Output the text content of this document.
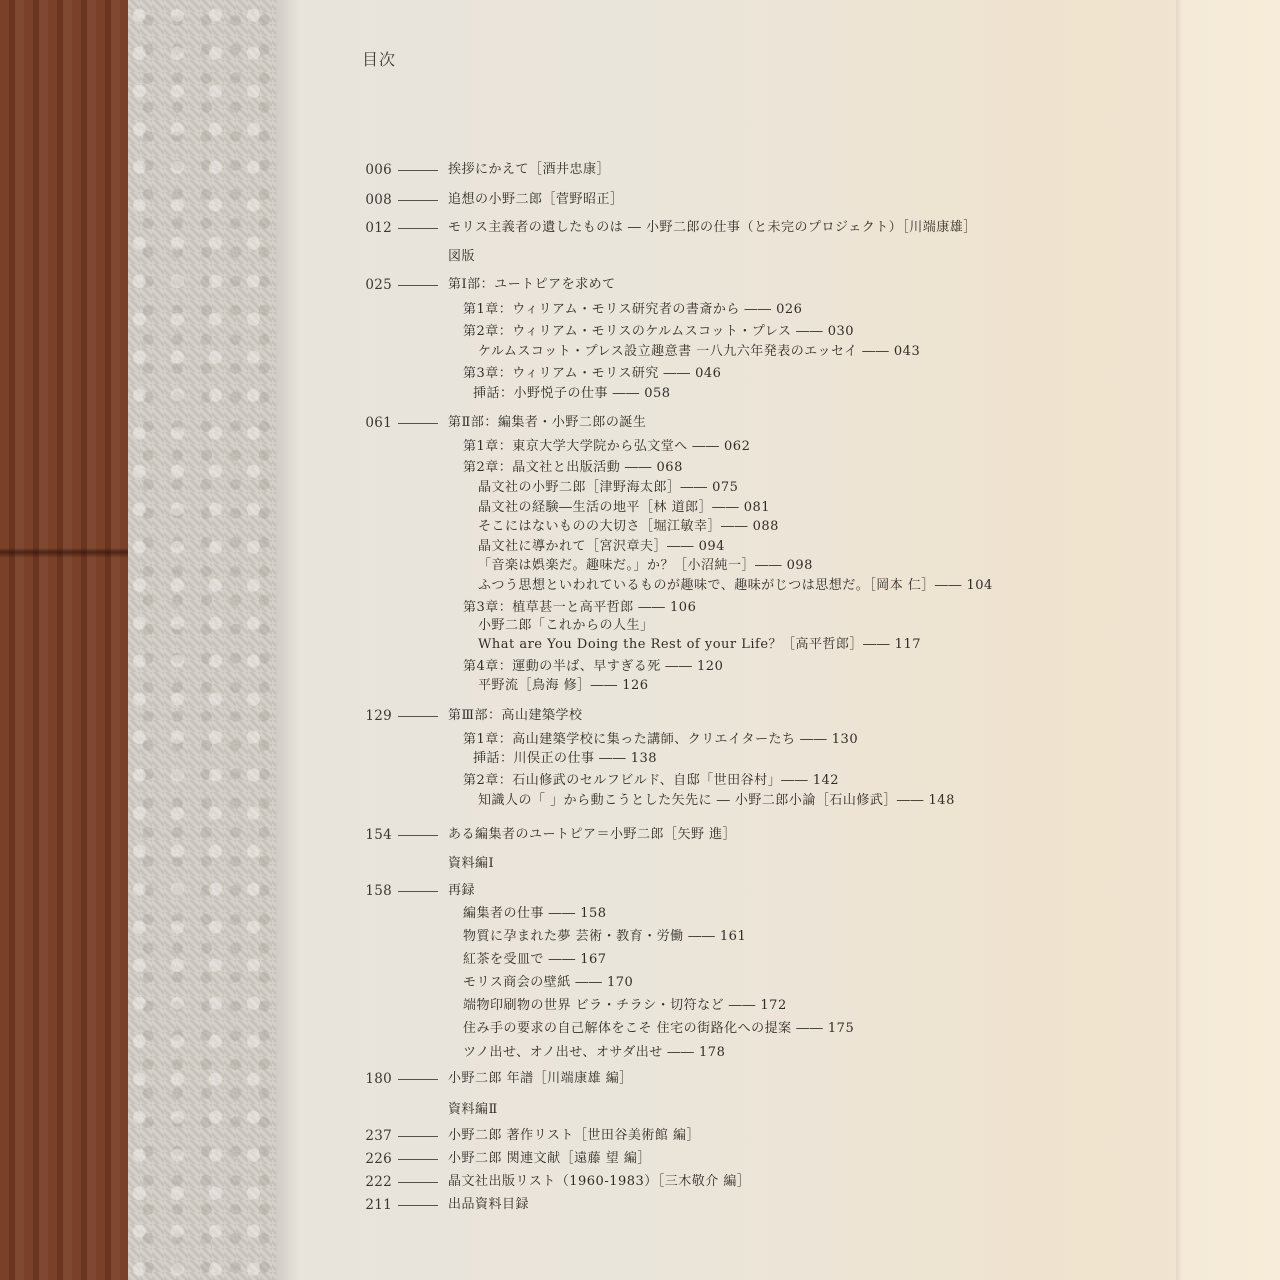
目次
006	挨拶にかえて［酒井忠康］
008	追想の小野二郎［菅野昭正］
012	モリス主義者の遺したものは ― 小野二郎の仕事（と未完のプロジェクト）［川端康雄］
図版
025	第Ⅰ部：ユートピアを求めて
第1章：ウィリアム・モリス研究者の書斎から ―― 026
第2章：ウィリアム・モリスのケルムスコット・プレス ―― 030
ケルムスコット・プレス設立趣意書 一八九六年発表のエッセイ ―― 043
第3章：ウィリアム・モリス研究 ―― 046
挿話：小野悦子の仕事 ―― 058
061	第Ⅱ部：編集者・小野二郎の誕生
第1章：東京大学大学院から弘文堂へ ―― 062
第2章：晶文社と出版活動 ―― 068
晶文社の小野二郎［津野海太郎］―― 075
晶文社の経験―生活の地平［林 道郎］―― 081
そこにはないものの大切さ［堀江敏幸］―― 088
晶文社に導かれて［宮沢章夫］―― 094
「音楽は娯楽だ。趣味だ。」か？［小沼純一］―― 098
ふつう思想といわれているものが趣味で、趣味がじつは思想だ。［岡本 仁］―― 104
第3章：植草甚一と高平哲郎 ―― 106
小野二郎「これからの人生」
What are You Doing the Rest of your Life？［高平哲郎］―― 117
第4章：運動の半ば、早すぎる死 ―― 120
平野流［鳥海 修］―― 126
129	第Ⅲ部：高山建築学校
第1章：高山建築学校に集った講師、クリエイターたち ―― 130
挿話：川俣正の仕事 ―― 138
第2章：石山修武のセルフビルド、自邸「世田谷村」―― 142
知識人の「 」から動こうとした矢先に ― 小野二郎小論［石山修武］―― 148
154	ある編集者のユートピア＝小野二郎［矢野 進］
資料編Ⅰ
158	再録
編集者の仕事 ―― 158
物質に孕まれた夢 芸術・教育・労働 ―― 161
紅茶を受皿で ―― 167
モリス商会の壁紙 ―― 170
端物印刷物の世界 ビラ・チラシ・切符など ―― 172
住み手の要求の自己解体をこそ 住宅の街路化への提案 ―― 175
ツノ出せ、オノ出せ、オサダ出せ ―― 178
180	小野二郎 年譜［川端康雄 編］
資料編Ⅱ
237	小野二郎 著作リスト［世田谷美術館 編］
226	小野二郎 関連文献［遠藤 望 編］
222	晶文社出版リスト（1960-1983）［三木敬介 編］
211	出品資料目録
